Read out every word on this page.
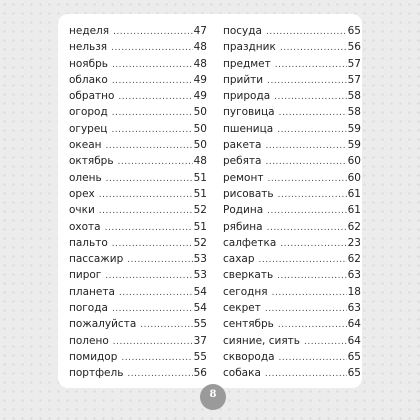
неделя .....	47
нельзя .....	48
ноябрь .....	48
облако .....	49
обратно .....	49
огород .....	50
огурец .....	50
океан .....	50
октябрь .....	48
олень .....	51
орех .....	51
очки .....	52
охота .....	51
пальто .....	52
пассажир .....	53
пирог .....	53
планета .....	54
погода .....	54
пожалуйста .....	55
полено .....	37
помидор .....	55
портфель .....	56
посуда .....	65
праздник .....	56
предмет .....	57
прийти .....	57
природа .....	58
пуговица .....	58
пшеница .....	59
ракета .....	59
ребята .....	60
ремонт .....	60
рисовать .....	61
Родина .....	61
рябина .....	62
салфетка .....	23
сахар .....	62
сверкать .....	63
сегодня .....	18
секрет .....	63
сентябрь .....	64
сияние, сиять .....	64
скворода .....	65
собака .....	65
8
